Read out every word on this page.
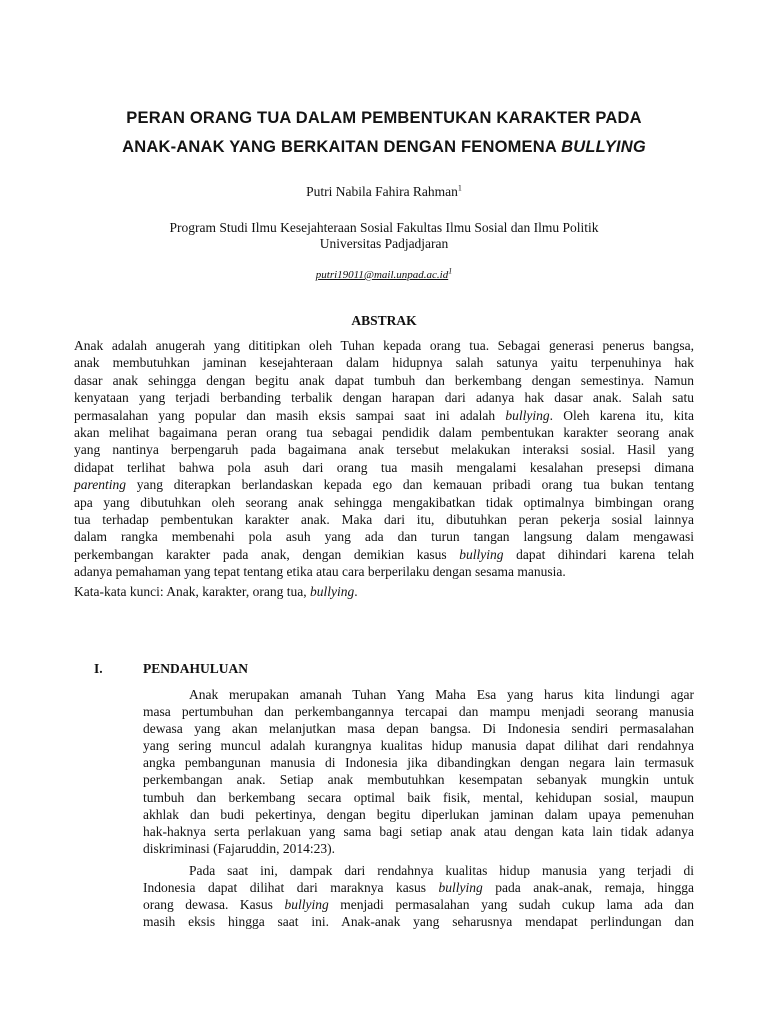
PERAN ORANG TUA DALAM PEMBENTUKAN KARAKTER PADA
ANAK-ANAK YANG BERKAITAN DENGAN FENOMENA BULLYING
Putri Nabila Fahira Rahman$^1$
Program Studi Ilmu Kesejahteraan Sosial Fakultas Ilmu Sosial dan Ilmu Politik
Universitas Padjadjaran
$putri19011@mail.unpad.ac.id^1$
ABSTRAK
Anak adalah anugerah yang dititipkan oleh Tuhan kepada orang tua. Sebagai generasi penerus bangsa,
anak membutuhkan jaminan kesejahteraan dalam hidupnya salah satunya yaitu terpenuhinya hak
dasar anak sehingga dengan begitu anak dapat tumbuh dan berkembang dengan semestinya. Namun
kenyataan yang terjadi berbanding terbalik dengan harapan dari adanya hak dasar anak. Salah satu
permasalahan yang popular dan masih eksis sampai saat ini adalah bullying. Oleh karena itu, kita
akan melihat bagaimana peran orang tua sebagai pendidik dalam pembentukan karakter seorang anak
yang nantinya berpengaruh pada bagaimana anak tersebut melakukan interaksi sosial. Hasil yang
didapat terlihat bahwa pola asuh dari orang tua masih mengalami kesalahan presepsi dimana
parenting yang diterapkan berlandaskan kepada ego dan kemauan pribadi orang tua bukan tentang
apa yang dibutuhkan oleh seorang anak sehingga mengakibatkan tidak optimalnya bimbingan orang
tua terhadap pembentukan karakter anak. Maka dari itu, dibutuhkan peran pekerja sosial lainnya
dalam rangka membenahi pola asuh yang ada dan turun tangan langsung dalam mengawasi
perkembangan karakter pada anak, dengan demikian kasus bullying dapat dihindari karena telah
adanya pemahaman yang tepat tentang etika atau cara berperilaku dengan sesama manusia.
Kata-kata kunci: Anak, karakter, orang tua, bullying.
I.	PENDAHULUAN
Anak merupakan amanah Tuhan Yang Maha Esa yang harus kita lindungi agar
masa pertumbuhan dan perkembangannya tercapai dan mampu menjadi seorang manusia
dewasa yang akan melanjutkan masa depan bangsa. Di Indonesia sendiri permasalahan
yang sering muncul adalah kurangnya kualitas hidup manusia dapat dilihat dari rendahnya
angka pembangunan manusia di Indonesia jika dibandingkan dengan negara lain termasuk
perkembangan anak. Setiap anak membutuhkan kesempatan sebanyak mungkin untuk
tumbuh dan berkembang secara optimal baik fisik, mental, kehidupan sosial, maupun
akhlak dan budi pekertinya, dengan begitu diperlukan jaminan dalam upaya pemenuhan
hak-haknya serta perlakuan yang sama bagi setiap anak atau dengan kata lain tidak adanya
diskriminasi (Fajaruddin, 2014:23).
Pada saat ini, dampak dari rendahnya kualitas hidup manusia yang terjadi di
Indonesia dapat dilihat dari maraknya kasus bullying pada anak-anak, remaja, hingga
orang dewasa. Kasus bullying menjadi permasalahan yang sudah cukup lama ada dan
masih eksis hingga saat ini. Anak-anak yang seharusnya mendapat perlindungan dan
